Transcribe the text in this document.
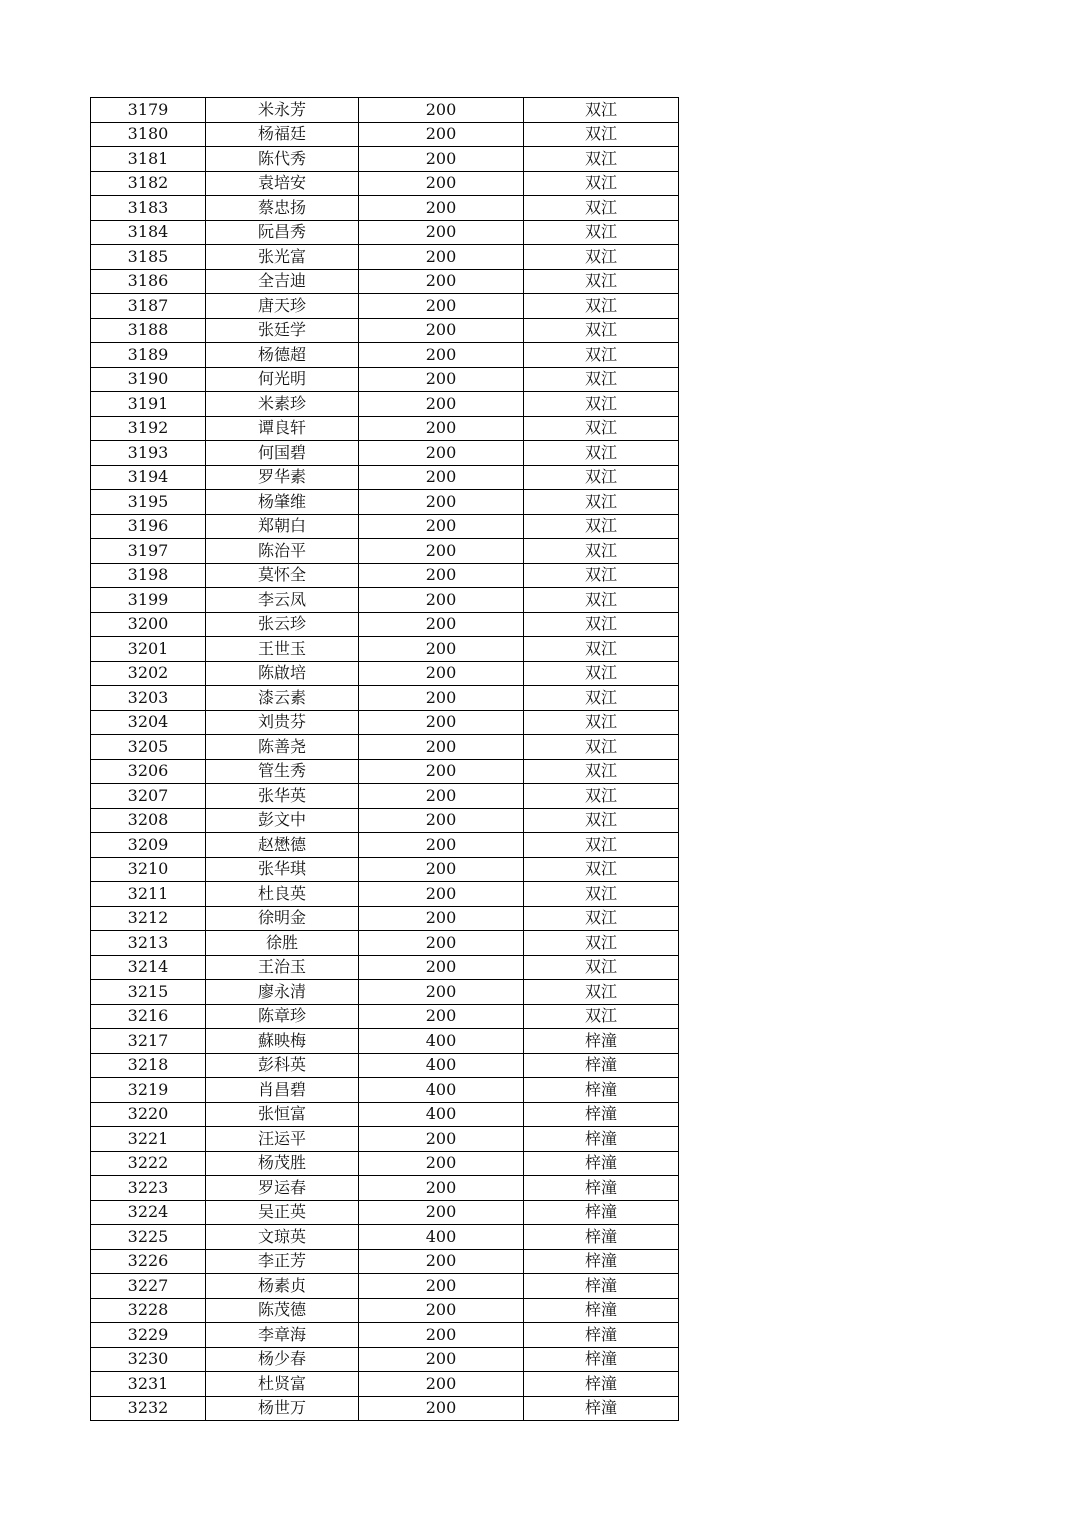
3179	米永芳	200	双江
3180	杨福廷	200	双江
3181	陈代秀	200	双江
3182	袁培安	200	双江
3183	蔡忠扬	200	双江
3184	阮昌秀	200	双江
3185	张光富	200	双江
3186	全吉迪	200	双江
3187	唐天珍	200	双江
3188	张廷学	200	双江
3189	杨德超	200	双江
3190	何光明	200	双江
3191	米素珍	200	双江
3192	谭良轩	200	双江
3193	何国碧	200	双江
3194	罗华素	200	双江
3195	杨肇维	200	双江
3196	郑朝白	200	双江
3197	陈治平	200	双江
3198	莫怀全	200	双江
3199	李云凤	200	双江
3200	张云珍	200	双江
3201	王世玉	200	双江
3202	陈啟培	200	双江
3203	漆云素	200	双江
3204	刘贵芬	200	双江
3205	陈善尧	200	双江
3206	管生秀	200	双江
3207	张华英	200	双江
3208	彭文中	200	双江
3209	赵懋德	200	双江
3210	张华琪	200	双江
3211	杜良英	200	双江
3212	徐明金	200	双江
3213	徐胜	200	双江
3214	王治玉	200	双江
3215	廖永清	200	双江
3216	陈章珍	200	双江
3217	蘇映梅	400	梓潼
3218	彭科英	400	梓潼
3219	肖昌碧	400	梓潼
3220	张恒富	400	梓潼
3221	汪运平	200	梓潼
3222	杨茂胜	200	梓潼
3223	罗运春	200	梓潼
3224	吴正英	200	梓潼
3225	文琼英	400	梓潼
3226	李正芳	200	梓潼
3227	杨素贞	200	梓潼
3228	陈茂德	200	梓潼
3229	李章海	200	梓潼
3230	杨少春	200	梓潼
3231	杜贤富	200	梓潼
3232	杨世万	200	梓潼
